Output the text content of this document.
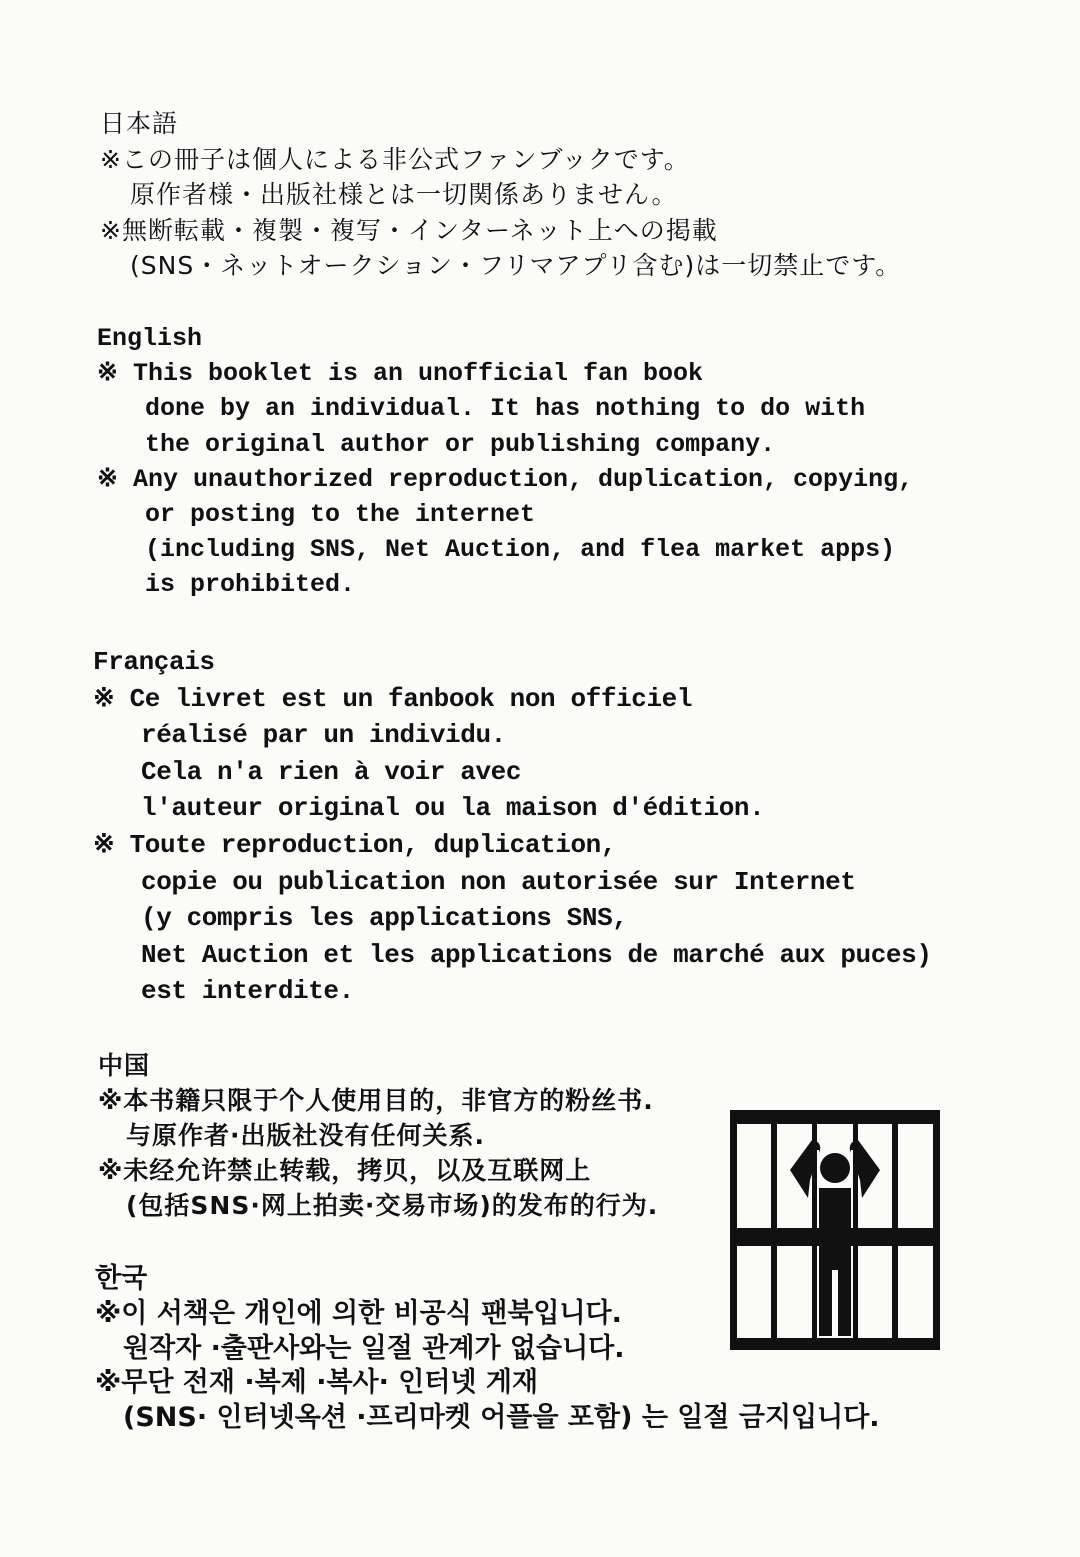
日本語
※この冊子は個人による非公式ファンブックです。
原作者様・出版社様とは一切関係ありません。
※無断転載・複製・複写・インターネット上への掲載
(SNS・ネットオークション・フリマアプリ含む)は一切禁止です。
English
※ This booklet is an unofficial fan book
done by an individual. It has nothing to do with
the original author or publishing company.
※ Any unauthorized reproduction, duplication, copying,
or posting to the internet
(including SNS, Net Auction, and flea market apps)
is prohibited.
Français
※ Ce livret est un fanbook non officiel
réalisé par un individu.
Cela n'a rien à voir avec
l'auteur original ou la maison d'édition.
※ Toute reproduction, duplication,
copie ou publication non autorisée sur Internet
(y compris les applications SNS,
Net Auction et les applications de marché aux puces)
est interdite.
中国
※本书籍只限于个人使用目的，非官方的粉丝书.
与原作者·出版社没有任何关系.
※未经允许禁止转载，拷贝，以及互联网上
(包括SNS·网上拍卖·交易市场)的发布的行为.
한국
※이 서책은 개인에 의한 비공식 팬북입니다.
원작자 ·출판사와는 일절 관계가 없습니다.
※무단 전재 ·복제 ·복사· 인터넷 게재
(SNS· 인터넷옥션 ·프리마켓 어플을 포함) 는 일절 금지입니다.
